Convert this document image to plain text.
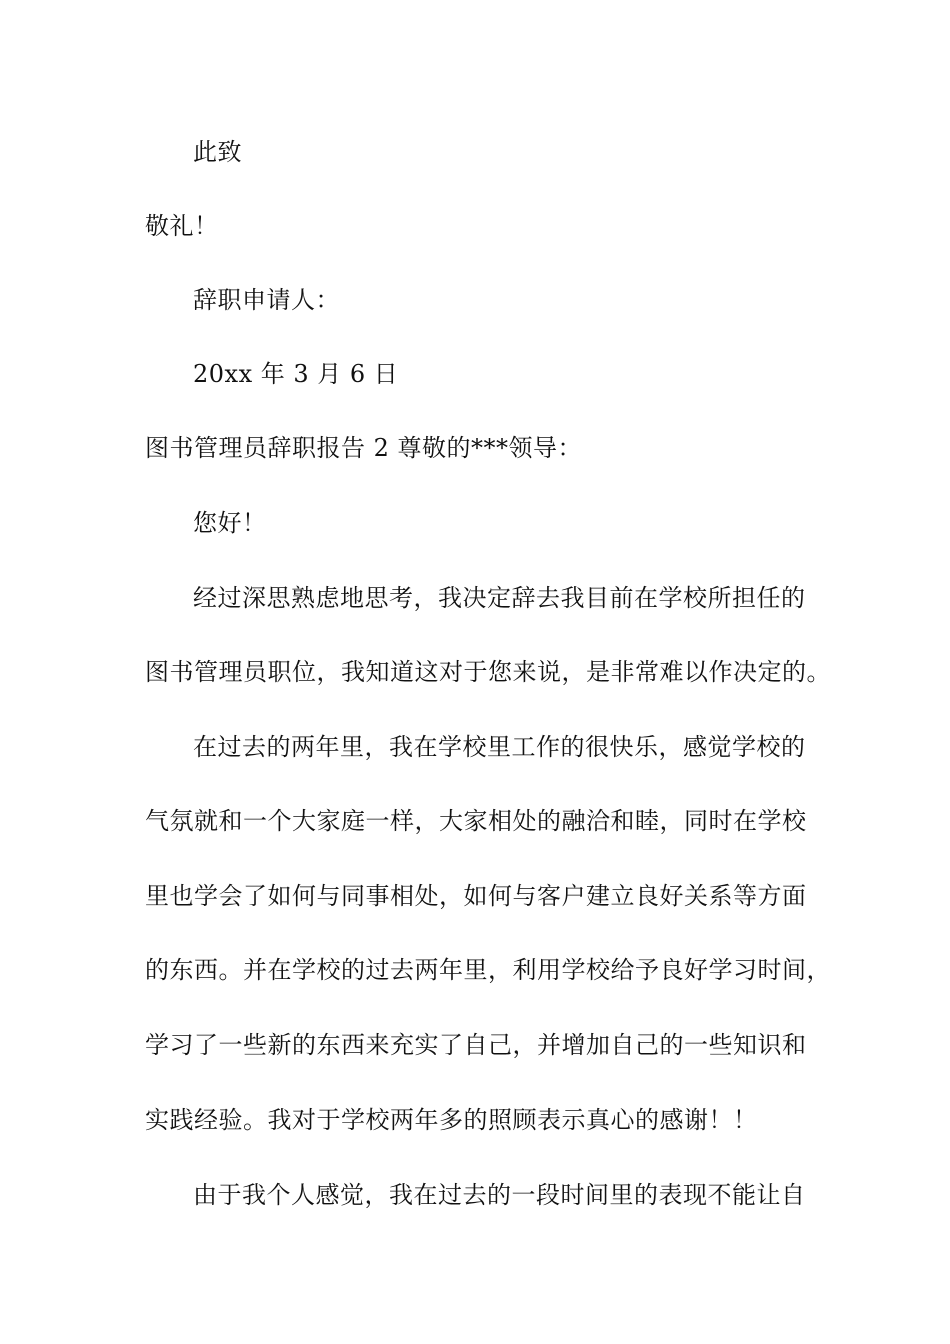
此致
敬礼！
辞职申请人：
20xx 年 3 月 6 日
图书管理员辞职报告 2 尊敬的***领导：
您好！
经过深思熟虑地思考，我决定辞去我目前在学校所担任的
图书管理员职位，我知道这对于您来说，是非常难以作决定的。
在过去的两年里，我在学校里工作的很快乐，感觉学校的
气氛就和一个大家庭一样，大家相处的融洽和睦，同时在学校
里也学会了如何与同事相处，如何与客户建立良好关系等方面
的东西。并在学校的过去两年里，利用学校给予良好学习时间，
学习了一些新的东西来充实了自己，并增加自己的一些知识和
实践经验。我对于学校两年多的照顾表示真心的感谢！！
由于我个人感觉，我在过去的一段时间里的表现不能让自
